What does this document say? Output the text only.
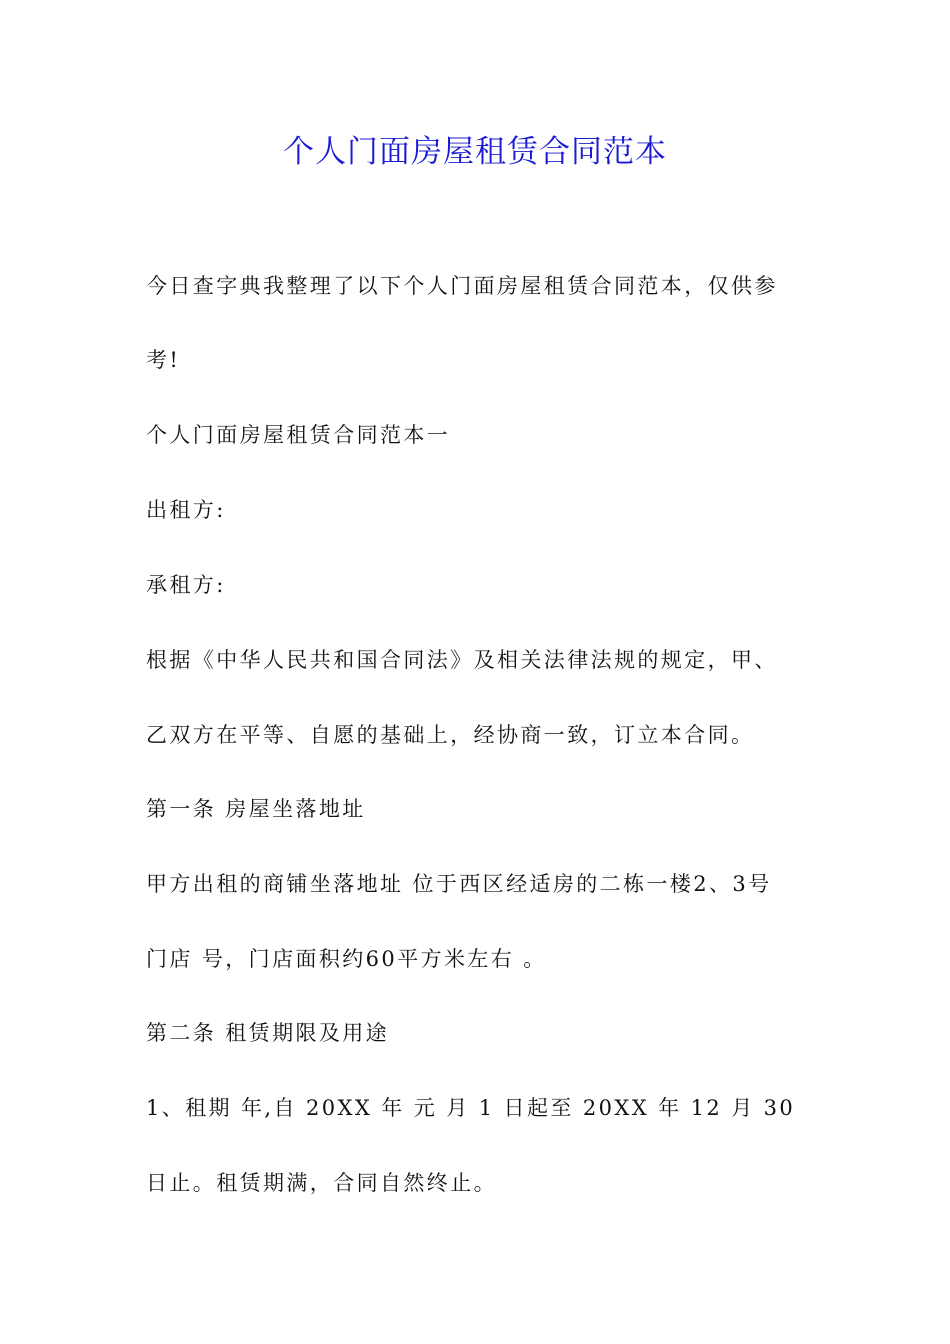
个人门面房屋租赁合同范本

今日查字典我整理了以下个人门面房屋租赁合同范本，仅供参

考!

个人门面房屋租赁合同范本一

出租方:

承租方:

根据《中华人民共和国合同法》及相关法律法规的规定，甲、

乙双方在平等、自愿的基础上，经协商一致，订立本合同。

第一条 房屋坐落地址

甲方出租的商铺坐落地址 位于西区经适房的二栋一楼2、3号

门店 号，门店面积约60平方米左右 。

第二条 租赁期限及用途

1、租期 年,自 20XX 年 元 月 1 日起至 20XX 年 12 月 30

日止。租赁期满，合同自然终止。
